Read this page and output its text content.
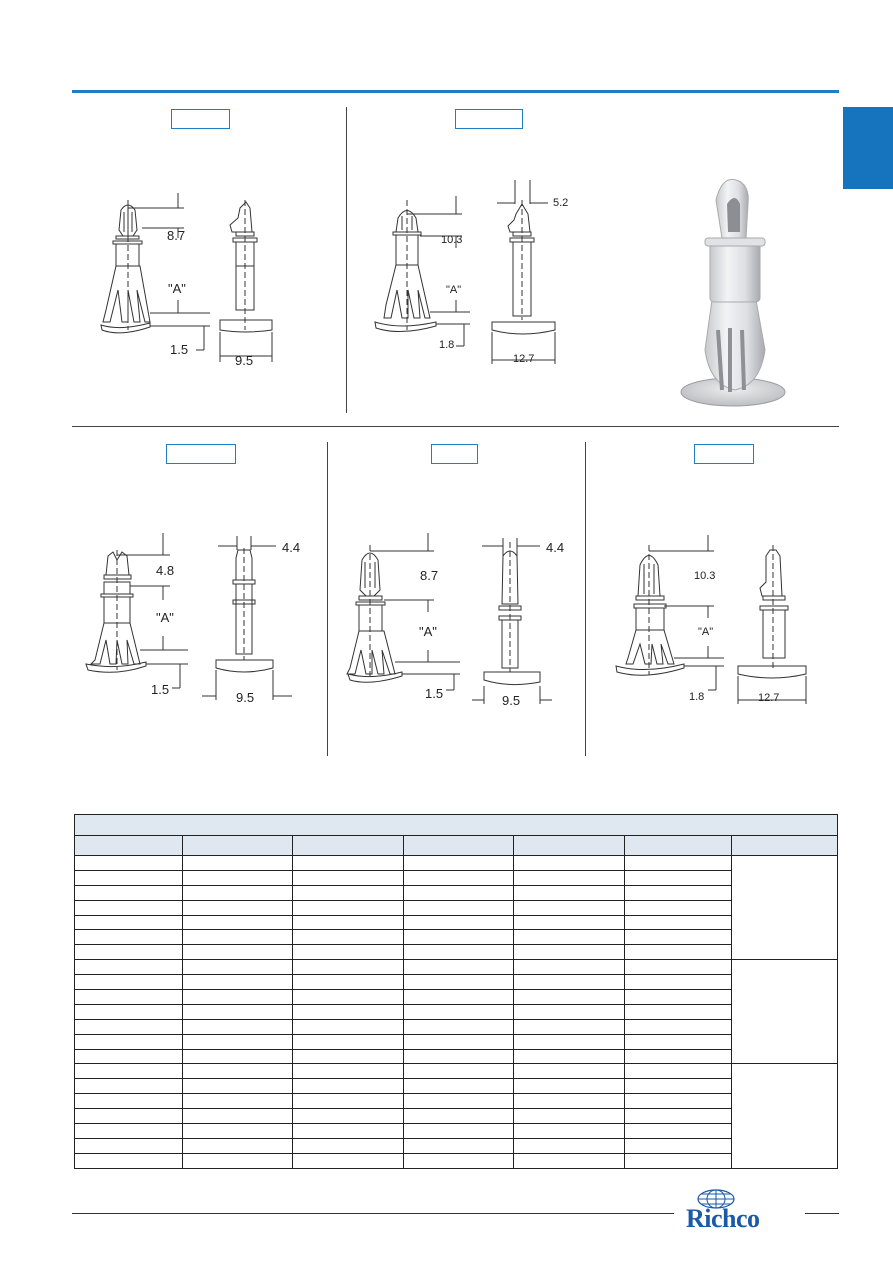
8.7
"A"
1.5
9.5
10.3
"A"
1.8
12.7
5.2
4.8
"A"
1.5
9.5
4.4
8.7
"A"
1.5	9.5
4.4
10.3
"A"
1.8	12.7

Richco
